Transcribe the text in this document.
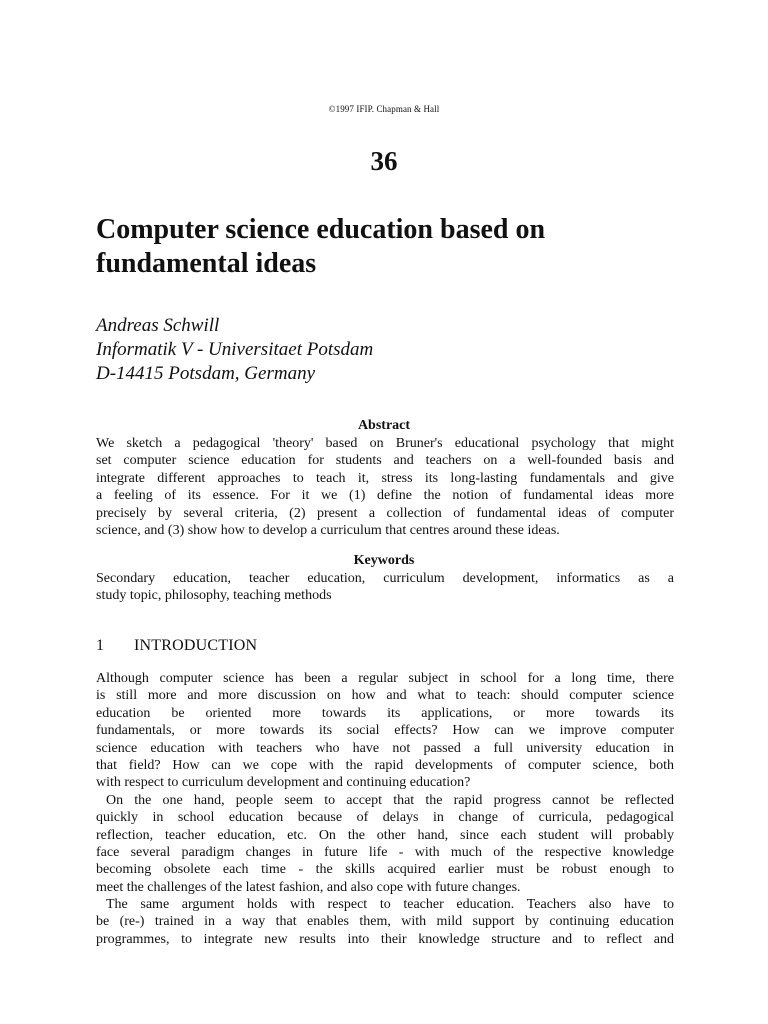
©1997 IFIP. Chapman & Hall
36
Computer science education based on
fundamental ideas
Andreas Schwill
Informatik V - Universitaet Potsdam
D-14415 Potsdam, Germany
Abstract
We sketch a pedagogical 'theory' based on Bruner's educational psychology that might
set computer science education for students and teachers on a well-founded basis and
integrate different approaches to teach it, stress its long-lasting fundamentals and give
a feeling of its essence. For it we (1) define the notion of fundamental ideas more
precisely by several criteria, (2) present a collection of fundamental ideas of computer
science, and (3) show how to develop a curriculum that centres around these ideas.
Keywords
Secondary education, teacher education, curriculum development, informatics as a
study topic, philosophy, teaching methods
1 INTRODUCTION
Although computer science has been a regular subject in school for a long time, there
is still more and more discussion on how and what to teach: should computer science
education be oriented more towards its applications, or more towards its
fundamentals, or more towards its social effects? How can we improve computer
science education with teachers who have not passed a full university education in
that field? How can we cope with the rapid developments of computer science, both
with respect to curriculum development and continuing education?
On the one hand, people seem to accept that the rapid progress cannot be reflected
quickly in school education because of delays in change of curricula, pedagogical
reflection, teacher education, etc. On the other hand, since each student will probably
face several paradigm changes in future life - with much of the respective knowledge
becoming obsolete each time - the skills acquired earlier must be robust enough to
meet the challenges of the latest fashion, and also cope with future changes.
The same argument holds with respect to teacher education. Teachers also have to
be (re-) trained in a way that enables them, with mild support by continuing education
programmes, to integrate new results into their knowledge structure and to reflect and
